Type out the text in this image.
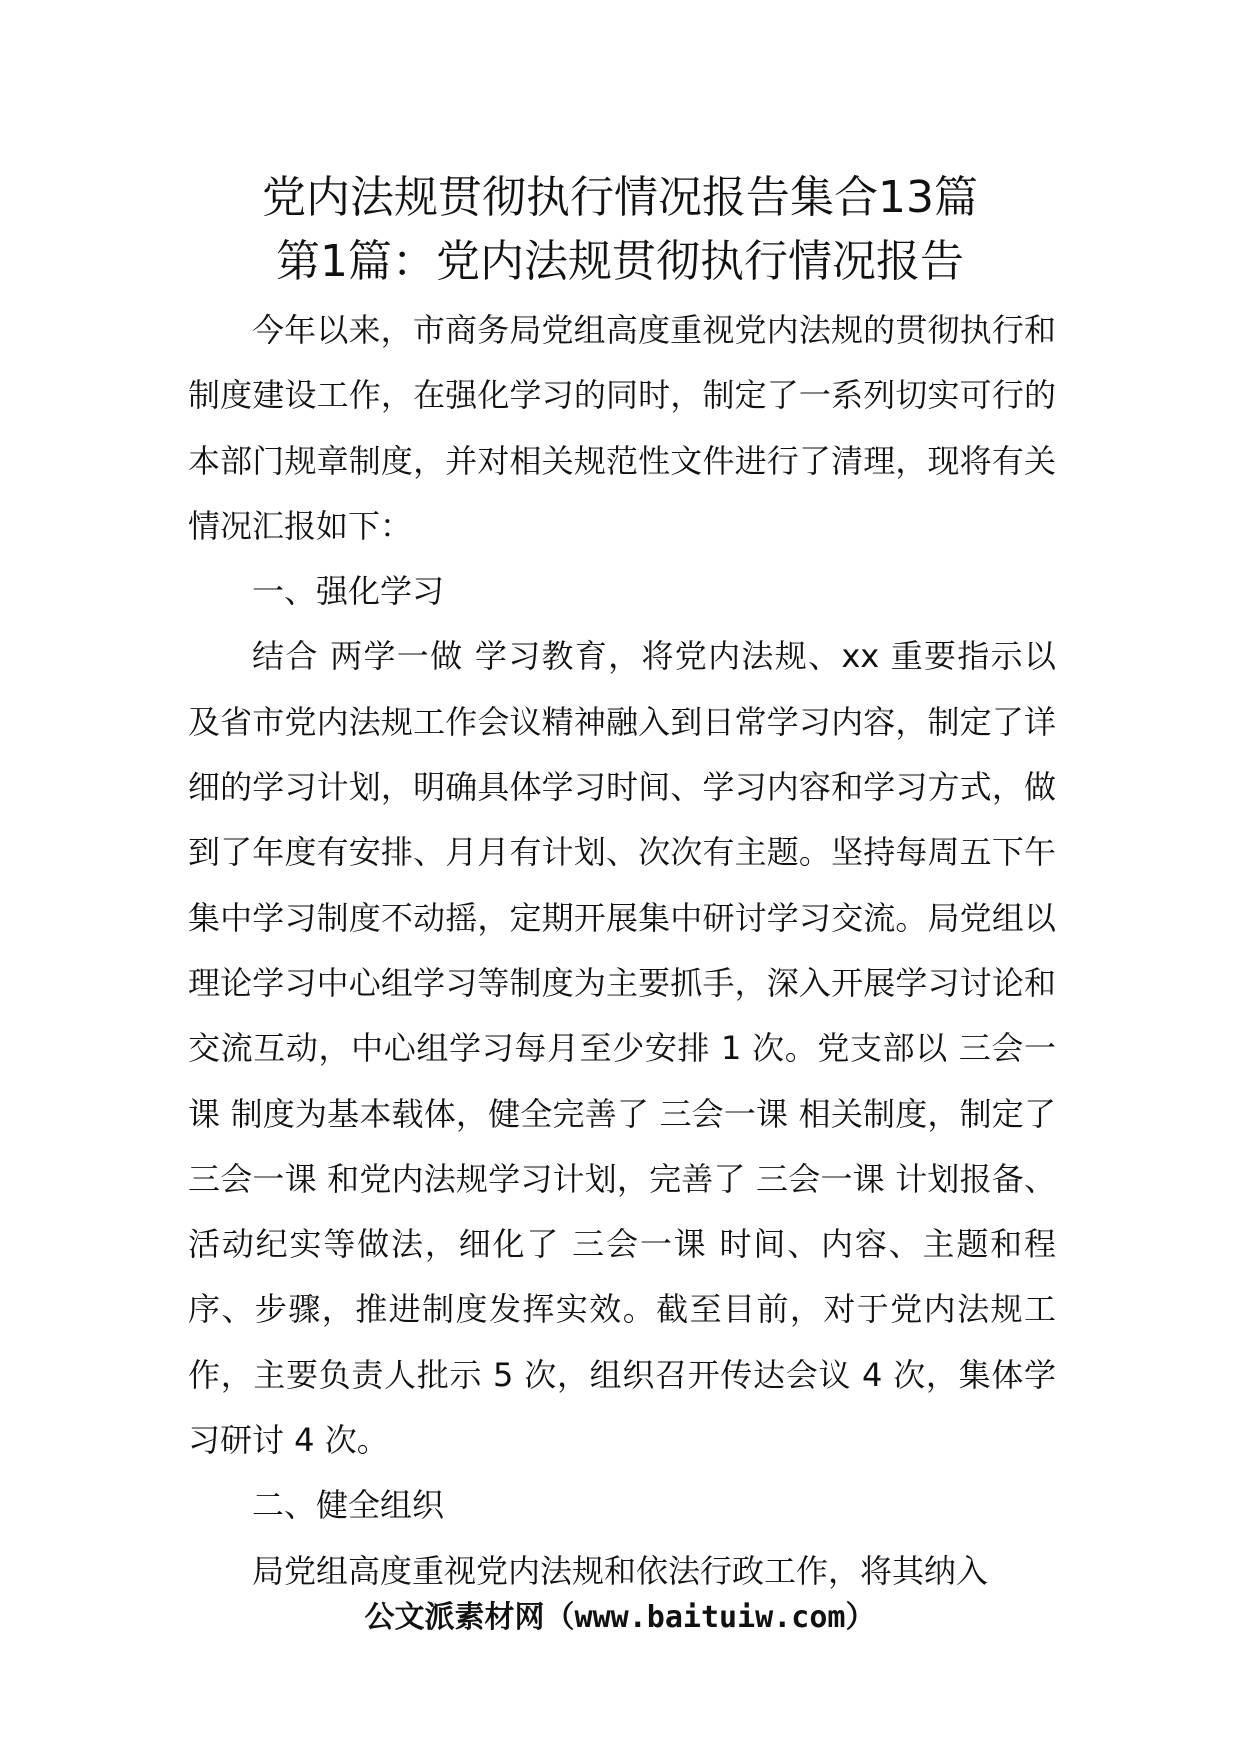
党内法规贯彻执行情况报告集合13篇
第1篇：党内法规贯彻执行情况报告

今年以来，市商务局党组高度重视党内法规的贯彻执行和制度建设工作，在强化学习的同时，制定了一系列切实可行的本部门规章制度，并对相关规范性文件进行了清理，现将有关情况汇报如下：

一、强化学习

结合 两学一做 学习教育，将党内法规、xx 重要指示以及省市党内法规工作会议精神融入到日常学习内容，制定了详细的学习计划，明确具体学习时间、学习内容和学习方式，做到了年度有安排、月月有计划、次次有主题。坚持每周五下午集中学习制度不动摇，定期开展集中研讨学习交流。局党组以理论学习中心组学习等制度为主要抓手，深入开展学习讨论和交流互动，中心组学习每月至少安排 1 次。党支部以 三会一课 制度为基本载体，健全完善了 三会一课 相关制度，制定了 三会一课 和党内法规学习计划，完善了 三会一课 计划报备、活动纪实等做法，细化了 三会一课 时间、内容、主题和程序、步骤，推进制度发挥实效。截至目前，对于党内法规工作，主要负责人批示 5 次，组织召开传达会议 4 次，集体学习研讨 4 次。

二、健全组织

局党组高度重视党内法规和依法行政工作，将其纳入

公文派素材网（www.baituiw.com）
